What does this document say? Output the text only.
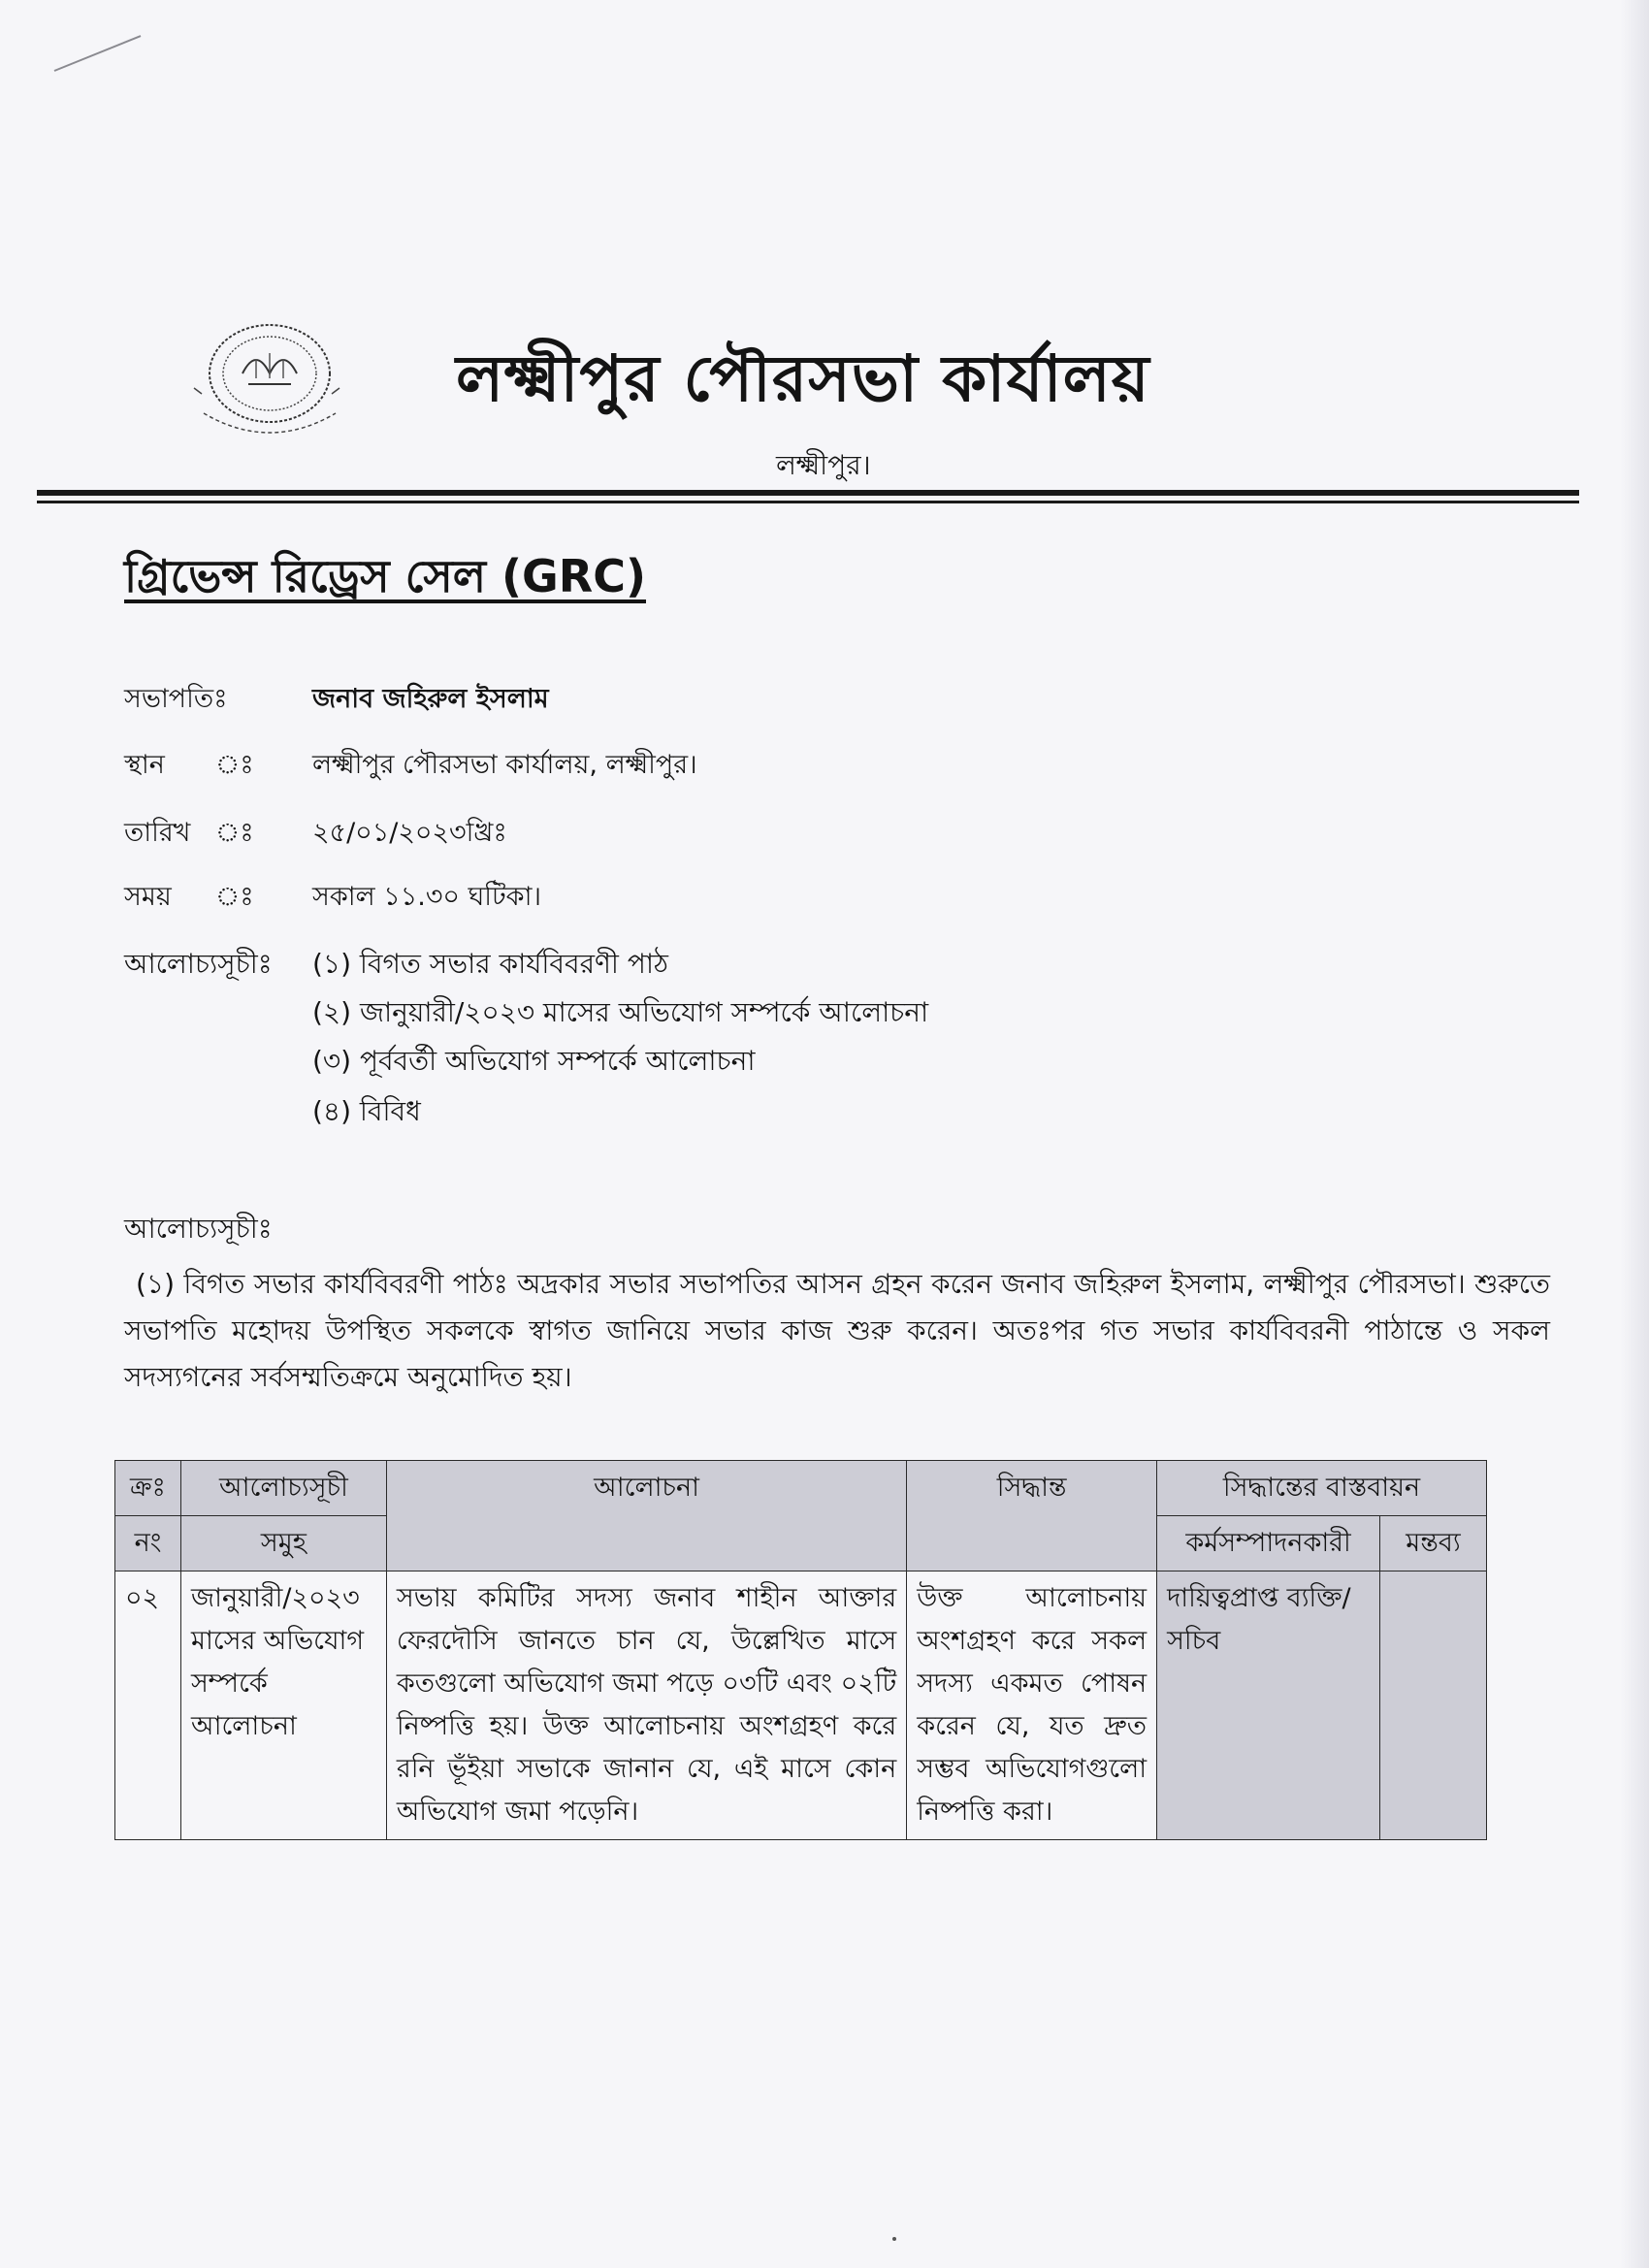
লক্ষ্মীপুর পৌরসভা কার্যালয়
লক্ষ্মীপুর।
গ্রিভেন্স রিড্রেস সেল (GRC)
সভাপতিঃ	জনাব জহিরুল ইসলাম
স্থান ঃ লক্ষ্মীপুর পৌরসভা কার্যালয়, লক্ষ্মীপুর।
তারিখ ঃ ২৫/০১/২০২৩খ্রিঃ
সময় ঃ সকাল ১১.৩০ ঘটিকা।
আলোচ্যসূচীঃ (১) বিগত সভার কার্যবিবরণী পাঠ
(২) জানুয়ারী/২০২৩ মাসের অভিযোগ সম্পর্কে আলোচনা
(৩) পূর্ববর্তী অভিযোগ সম্পর্কে আলোচনা
(৪) বিবিধ
আলোচ্যসূচীঃ
(১) বিগত সভার কার্যবিবরণী পাঠঃ অদ্রকার সভার সভাপতির আসন গ্রহন করেন জনাব জহিরুল ইসলাম, লক্ষ্মীপুর পৌরসভা। শুরুতে সভাপতি মহোদয় উপস্থিত সকলকে স্বাগত জানিয়ে সভার কাজ শুরু করেন। অতঃপর গত সভার কার্যবিবরনী পাঠান্তে ও সকল সদস্যগনের সর্বসম্মতিক্রমে অনুমোদিত হয়।
ক্রঃ	আলোচ্যসূচী	আলোচনা	সিদ্ধান্ত	সিদ্ধান্তের বাস্তবায়ন	
নং	সমুহ			কর্মসম্পাদনকারী	মন্তব্য
০২	জানুয়ারী/২০২৩ মাসের অভিযোগ সম্পর্কে আলোচনা	সভায় কমিটির সদস্য জনাব শাহীন আক্তার ফেরদৌসি জানতে চান যে, উল্লেখিত মাসে কতগুলো অভিযোগ জমা পড়ে ০৩টি এবং ০২টি নিষ্পত্তি হয়। উক্ত আলোচনায় অংশগ্রহণ করে রনি ভূঁইয়া সভাকে জানান যে, এই মাসে কোন অভিযোগ জমা পড়েনি।	উক্ত আলোচনায় অংশগ্রহণ করে সকল সদস্য একমত পোষন করেন যে, যত দ্রুত সম্ভব অভিযোগগুলো নিষ্পত্তি করা।	দায়িত্বপ্রাপ্ত ব্যক্তি/ সচিব	
